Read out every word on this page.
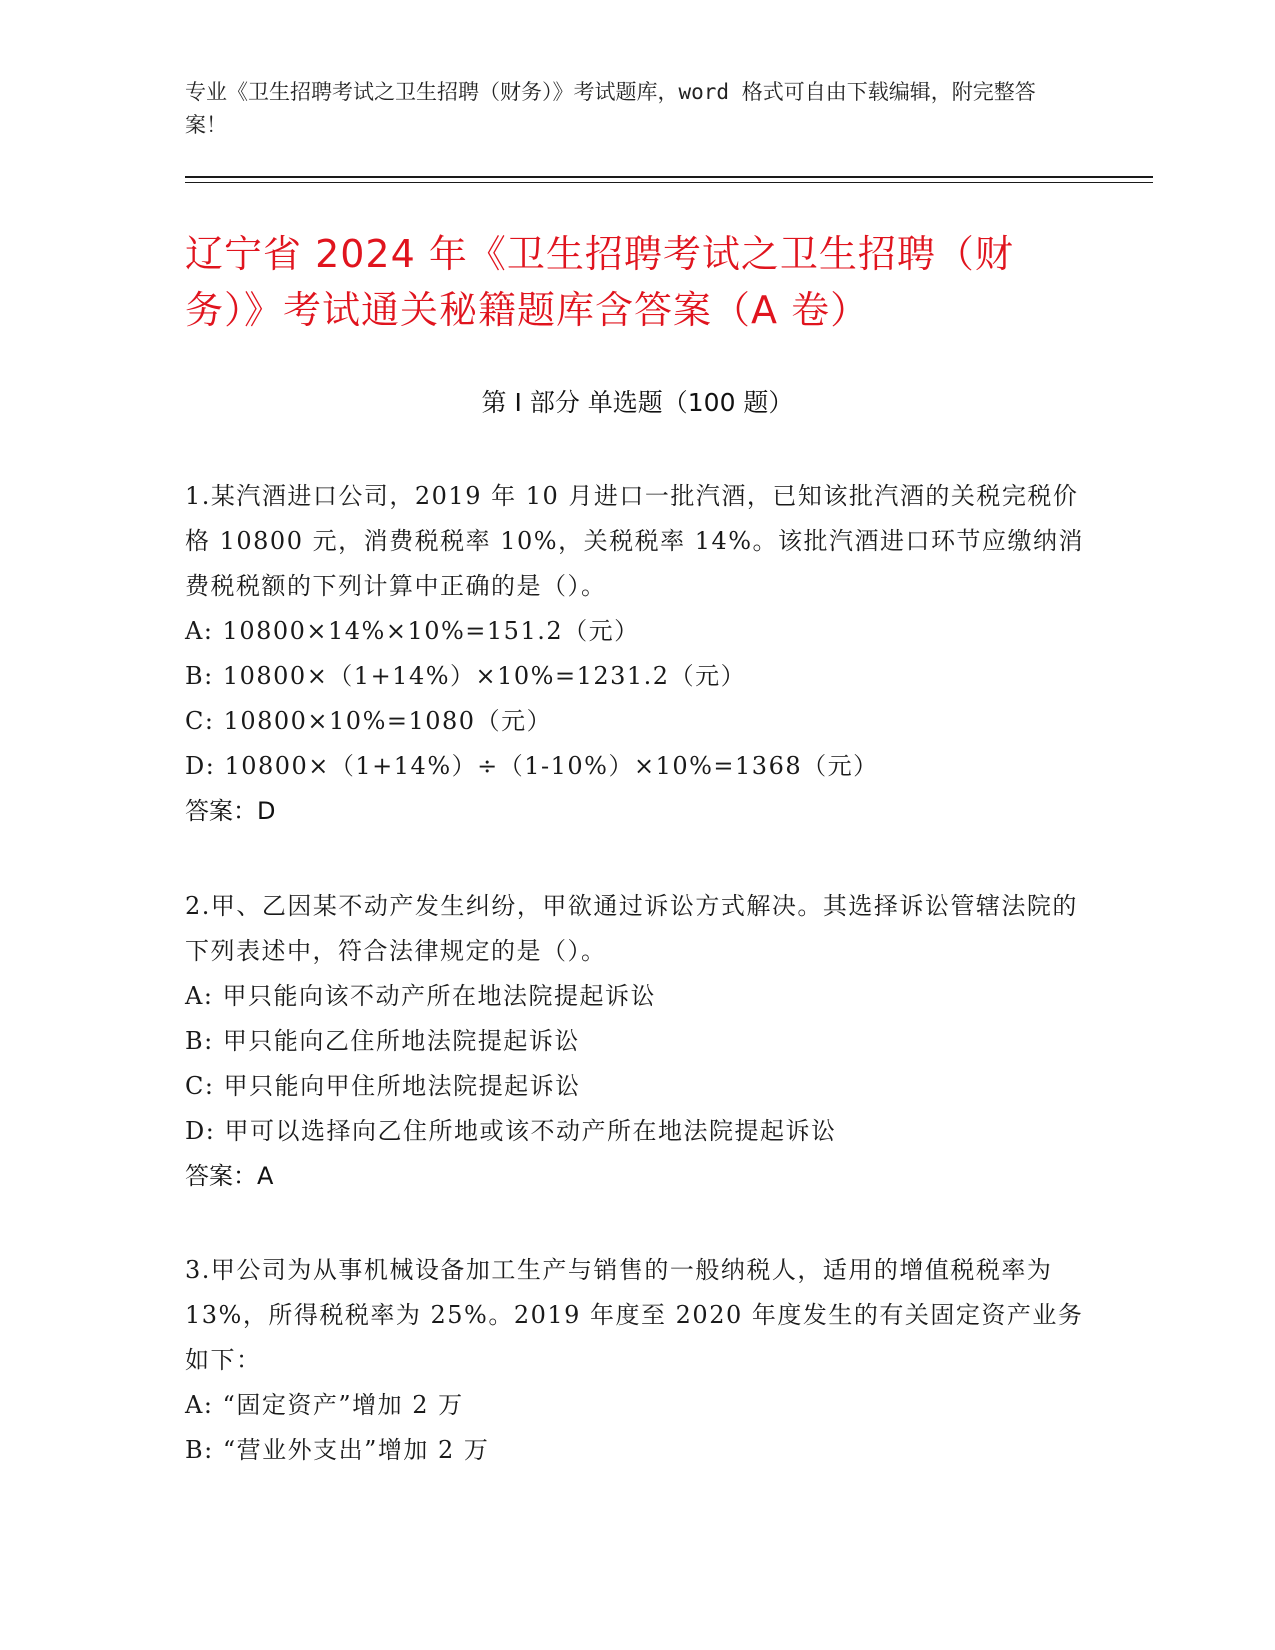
专业《卫生招聘考试之卫生招聘（财务）》考试题库，word 格式可自由下载编辑，附完整答案！
辽宁省 2024 年《卫生招聘考试之卫生招聘（财务）》考试通关秘籍题库含答案（A 卷）
第 I 部分 单选题（100 题）
1.某汽酒进口公司，2019 年 10 月进口一批汽酒，已知该批汽酒的关税完税价格 10800 元，消费税税率 10%，关税税率 14%。该批汽酒进口环节应缴纳消费税税额的下列计算中正确的是（）。
A: 10800×14%×10%=151.2（元）
B: 10800×（1+14%）×10%=1231.2（元）
C: 10800×10%=1080（元）
D: 10800×（1+14%）÷（1-10%）×10%=1368（元）
答案：D
2.甲、乙因某不动产发生纠纷，甲欲通过诉讼方式解决。其选择诉讼管辖法院的下列表述中，符合法律规定的是（）。
A: 甲只能向该不动产所在地法院提起诉讼
B: 甲只能向乙住所地法院提起诉讼
C: 甲只能向甲住所地法院提起诉讼
D: 甲可以选择向乙住所地或该不动产所在地法院提起诉讼
答案：A
3.甲公司为从事机械设备加工生产与销售的一般纳税人，适用的增值税税率为 13%，所得税税率为 25%。2019 年度至 2020 年度发生的有关固定资产业务如下：
A: “固定资产”增加 2 万
B: “营业外支出”增加 2 万
